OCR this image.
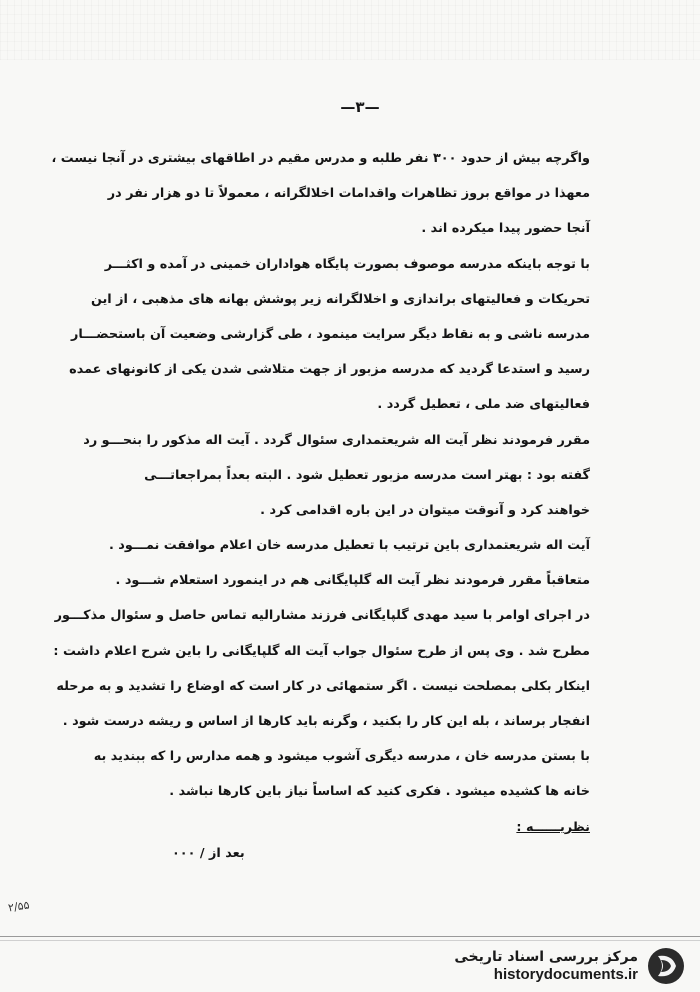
—٣—
واگرچه بیش از حدود ۳۰۰ نفر طلبه و مدرس مقیم در اطاقهای بیشتری در آنجا نیست ،
معهذا در مواقع بروز تظاهرات واقدامات اخلالگرانه ، معمولاً تا دو هزار نفر در
آنجا حضور پیدا میکرده اند .
با توجه باینکه مدرسه موصوف بصورت پایگاه هواداران خمینی در آمده و اکثـــر
تحریکات و فعالیتهای براندازی و اخلالگرانه زیر پوشش بهانه های مذهبی ، از این
مدرسه ناشی و به نقاط دیگر سرایت مینمود ، طی گزارشی وضعیت آن باستحضـــار
رسید و استدعا گردید که مدرسه مزبور از جهت متلاشی شدن یکی از کانونهای عمده
فعالیتهای ضد ملی ، تعطیل گردد .
مقرر فرمودند نظر آیت اله شریعتمداری سئوال گردد . آیت اله مذکور را بنحـــو رد
گفته بود : بهتر است مدرسه مزبور تعطیل شود . البته بعداً بمراجعاتـــی
خواهند کرد و آنوقت میتوان در این باره اقدامی کرد .
آیت اله شریعتمداری باین ترتیب با تعطیل مدرسه خان اعلام موافقت نمـــود .
متعاقباً مقرر فرمودند نظر آیت اله گلپایگانی هم در اینمورد استعلام شـــود .
در اجرای اوامر با سید مهدی گلپایگانی فرزند مشارالیه تماس حاصل و سئوال مذکـــور
مطرح شد . وی پس از طرح سئوال جواب آیت اله گلپایگانی را باین شرح اعلام داشت :
اینکار بکلی بمصلحت نیست . اگر ستمهائی در کار است که اوضاع را تشدید و به مرحله
انفجار برساند ، بله این کار را بکنید ، وگرنه باید کارها از اساس و ریشه درست شود .
با بستن مدرسه خان ، مدرسه دیگری آشوب میشود و همه مدارس را که ببندید به
خانه ها کشیده میشود . فکری کنید که اساساً نیاز باین کارها نباشد .
نظریــــــه :
بعد از / ۰۰۰
۲/۵۵
مرکز بررسی اسناد تاریخی
historydocuments.ir
